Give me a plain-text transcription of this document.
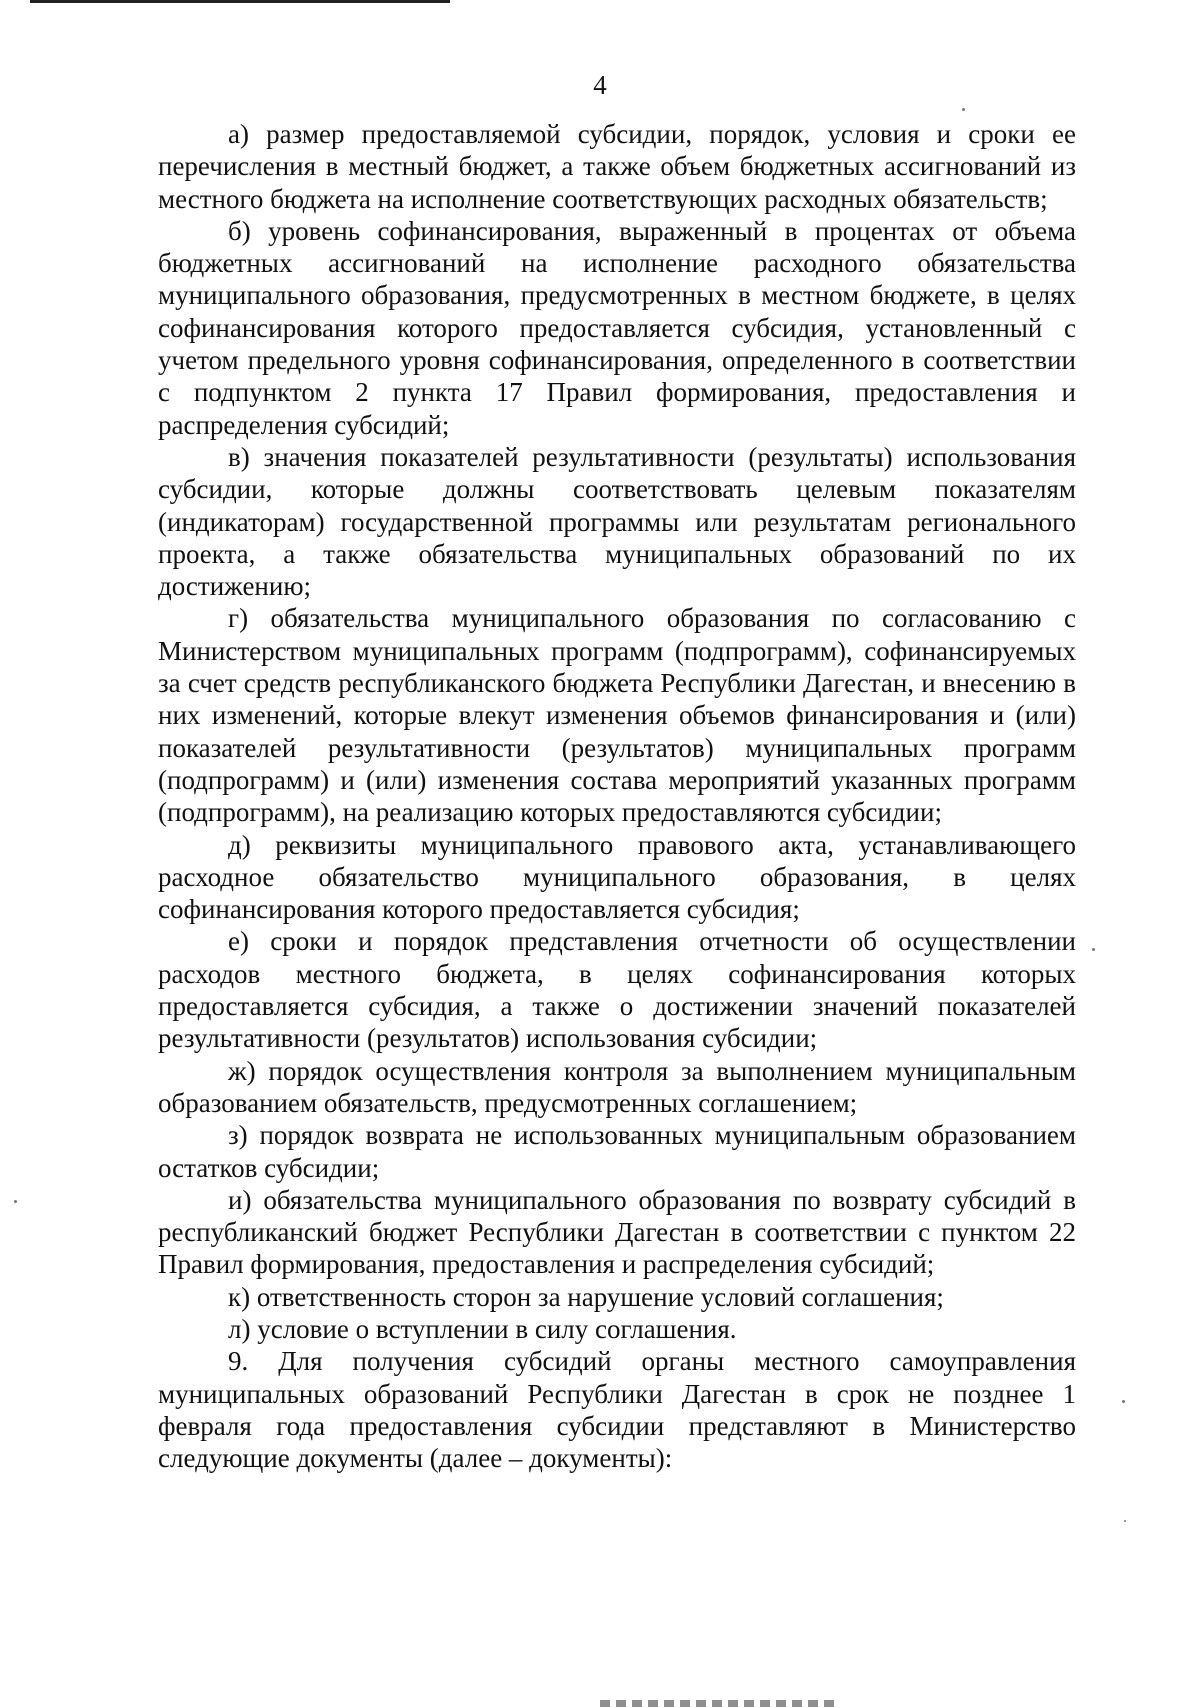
4

а) размер предоставляемой субсидии, порядок, условия и сроки ее перечисления в местный бюджет, а также объем бюджетных ассигнований из местного бюджета на исполнение соответствующих расходных обязательств;

б) уровень софинансирования, выраженный в процентах от объема бюджетных ассигнований на исполнение расходного обязательства муниципального образования, предусмотренных в местном бюджете, в целях софинансирования которого предоставляется субсидия, установленный с учетом предельного уровня софинансирования, определенного в соответствии с подпунктом 2 пункта 17 Правил формирования, предоставления и распределения субсидий;

в) значения показателей результативности (результаты) использования субсидии, которые должны соответствовать целевым показателям (индикаторам) государственной программы или результатам регионального проекта, а также обязательства муниципальных образований по их достижению;

г) обязательства муниципального образования по согласованию с Министерством муниципальных программ (подпрограмм), софинансируемых за счет средств республиканского бюджета Республики Дагестан, и внесению в них изменений, которые влекут изменения объемов финансирования и (или) показателей результативности (результатов) муниципальных программ (подпрограмм) и (или) изменения состава мероприятий указанных программ (подпрограмм), на реализацию которых предоставляются субсидии;

д) реквизиты муниципального правового акта, устанавливающего расходное обязательство муниципального образования, в целях софинансирования которого предоставляется субсидия;

е) сроки и порядок представления отчетности об осуществлении расходов местного бюджета, в целях софинансирования которых предоставляется субсидия, а также о достижении значений показателей результативности (результатов) использования субсидии;

ж) порядок осуществления контроля за выполнением муниципальным образованием обязательств, предусмотренных соглашением;

з) порядок возврата не использованных муниципальным образованием остатков субсидии;

и) обязательства муниципального образования по возврату субсидий в республиканский бюджет Республики Дагестан в соответствии с пунктом 22 Правил формирования, предоставления и распределения субсидий;

к) ответственность сторон за нарушение условий соглашения;

л) условие о вступлении в силу соглашения.

9. Для получения субсидий органы местного самоуправления муниципальных образований Республики Дагестан в срок не позднее 1 февраля года предоставления субсидии представляют в Министерство следующие документы (далее – документы):
